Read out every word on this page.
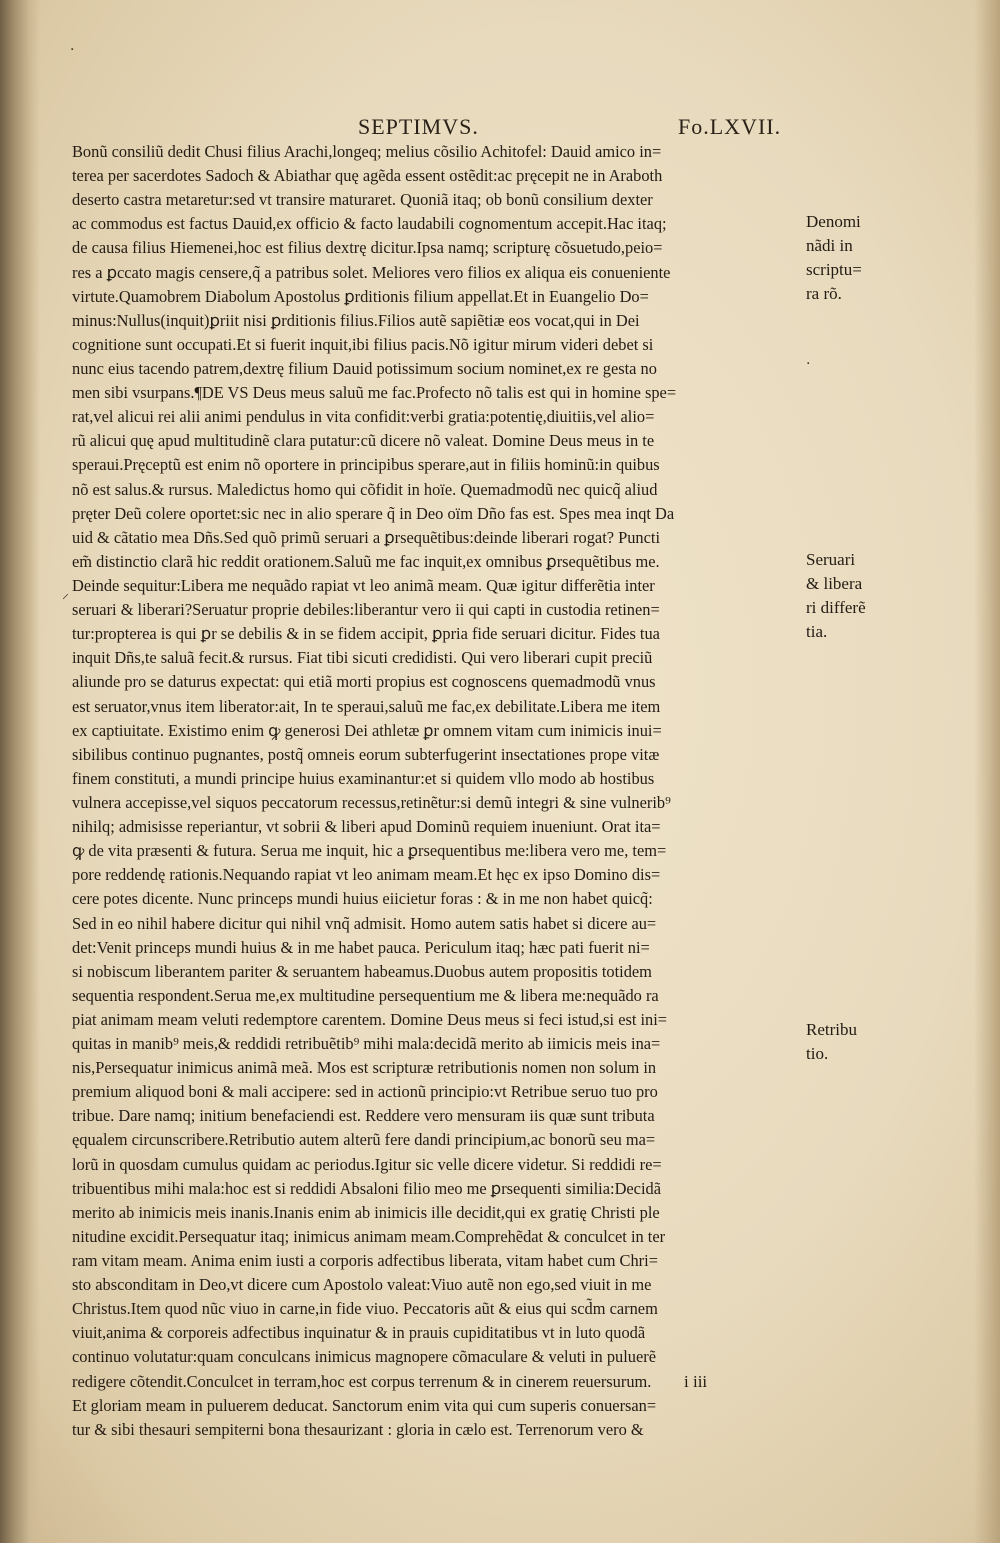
SEPTIMVS.	Fo.LXVII.
Bonũ consiliũ dedit Chusi filius Arachi,longeq; melius cõsilio Achitofel: Dauid amico in=
terea per sacerdotes Sadoch & Abiathar quę agẽda essent ostẽdit:ac pręcepit ne in Araboth
deserto castra metaretur:sed vt transire maturaret. Quoniã itaq; ob bonũ consilium dexter
ac commodus est factus Dauid,ex officio & facto laudabili cognomentum accepit.Hac itaq;
de causa filius Hiemenei,hoc est filius dextrę dicitur.Ipsa namq; scripturę cõsuetudo,peio=
res a ꝑccato magis censere,q̃ a patribus solet. Meliores vero filios ex aliqua eis conueniente
virtute.Quamobrem Diabolum Apostolus ꝑrditionis filium appellat.Et in Euangelio Do=
minus:Nullus(inquit)ꝑriit nisi ꝑrditionis filius.Filios autẽ sapiẽtiæ eos vocat,qui in Dei
cognitione sunt occupati.Et si fuerit inquit,ibi filius pacis.Nõ igitur mirum videri debet si
nunc eius tacendo patrem,dextrę filium Dauid potissimum socium nominet,ex re gesta no
men sibi vsurpans.¶DE VS Deus meus saluũ me fac.Profecto nõ talis est qui in homine spe=
rat,vel alicui rei alii animi pendulus in vita confidit:verbi gratia:potentię,diuitiis,vel alio=
rũ alicui quę apud multitudinẽ clara putatur:cũ dicere nõ valeat. Domine Deus meus in te
speraui.Pręceptũ est enim nõ oportere in principibus sperare,aut in filiis hominũ:in quibus
nõ est salus.& rursus. Maledictus homo qui cõfidit in hoïe. Quemadmodũ nec quicq̃ aliud
pręter Deũ colere oportet:sic nec in alio sperare q̃ in Deo oïm Dño fas est. Spes mea inqt Da
uid & cãtatio mea Dñs.Sed quõ primũ seruari a ꝑrsequẽtibus:deinde liberari rogat? Puncti
em̃ distinctio clarã hic reddit orationem.Saluũ me fac inquit,ex omnibus ꝑrsequẽtibus me.
Deinde sequitur:Libera me nequãdo rapiat vt leo animã meam. Quæ igitur differẽtia inter
seruari & liberari?Seruatur proprie debiles:liberantur vero ii qui capti in custodia retinen=
tur:propterea is qui ꝑr se debilis & in se fidem accipit, ꝑpria fide seruari dicitur. Fides tua
inquit Dñs,te saluã fecit.& rursus. Fiat tibi sicuti credidisti. Qui vero liberari cupit preciũ
aliunde pro se daturus expectat: qui etiã morti propius est cognoscens quemadmodũ vnus
est seruator,vnus item liberator:ait, In te speraui,saluũ me fac,ex debilitate.Libera me item
ex captiuitate. Existimo enim ꝙ generosi Dei athletæ ꝑr omnem vitam cum inimicis inui=
sibilibus continuo pugnantes, postq̃ omneis eorum subterfugerint insectationes prope vitæ
finem constituti, a mundi principe huius examinantur:et si quidem vllo modo ab hostibus
vulnera accepisse,vel siquos peccatorum recessus,retinẽtur:si demũ integri & sine vulnerib⁹
nihilq; admisisse reperiantur, vt sobrii & liberi apud Dominũ requiem inueniunt. Orat ita=
ꝙ de vita præsenti & futura. Serua me inquit, hic a ꝑrsequentibus me:libera vero me, tem=
pore reddendę rationis.Nequando rapiat vt leo animam meam.Et hęc ex ipso Domino dis=
cere potes dicente. Nunc princeps mundi huius eiicietur foras : & in me non habet quicq̃:
Sed in eo nihil habere dicitur qui nihil vnq̃ admisit. Homo autem satis habet si dicere au=
det:Venit princeps mundi huius & in me habet pauca. Periculum itaq; hæc pati fuerit ni=
si nobiscum liberantem pariter & seruantem habeamus.Duobus autem propositis totidem
sequentia respondent.Serua me,ex multitudine persequentium me & libera me:nequãdo ra
piat animam meam veluti redemptore carentem. Domine Deus meus si feci istud,si est ini=
quitas in manib⁹ meis,& reddidi retribuẽtib⁹ mihi mala:decidã merito ab iimicis meis ina=
nis,Persequatur inimicus animã meã. Mos est scripturæ retributionis nomen non solum in
premium aliquod boni & mali accipere: sed in actionũ principio:vt Retribue seruo tuo pro
tribue. Dare namq; initium benefaciendi est. Reddere vero mensuram iis quæ sunt tributa
ęqualem circunscribere.Retributio autem alterũ fere dandi principium,ac bonorũ seu ma=
lorũ in quosdam cumulus quidam ac periodus.Igitur sic velle dicere videtur. Si reddidi re=
tribuentibus mihi mala:hoc est si reddidi Absaloni filio meo me ꝑrsequenti similia:Decidã
merito ab inimicis meis inanis.Inanis enim ab inimicis ille decidit,qui ex gratię Christi ple
nitudine excidit.Persequatur itaq; inimicus animam meam.Comprehẽdat & conculcet in ter
ram vitam meam. Anima enim iusti a corporis adfectibus liberata, vitam habet cum Chri=
sto absconditam in Deo,vt dicere cum Apostolo valeat:Viuo autẽ non ego,sed viuit in me
Christus.Item quod nũc viuo in carne,in fide viuo. Peccatoris aũt & eius qui scd̃m carnem
viuit,anima & corporeis adfectibus inquinatur & in prauis cupiditatibus vt in luto quodã
continuo volutatur:quam conculcans inimicus magnopere cõmaculare & veluti in puluerẽ
redigere cõtendit.Conculcet in terram,hoc est corpus terrenum & in cinerem reuersurum.
Et gloriam meam in puluerem deducat. Sanctorum enim vita qui cum superis conuersan=
tur & sibi thesauri sempiterni bona thesaurizant : gloria in cælo est. Terrenorum vero &
Denomi
nãdi in
scriptu=
ra rõ.
Seruari
& libera
ri differẽ
tia.
Retribu
tio.
i iii
·
.
⸝
